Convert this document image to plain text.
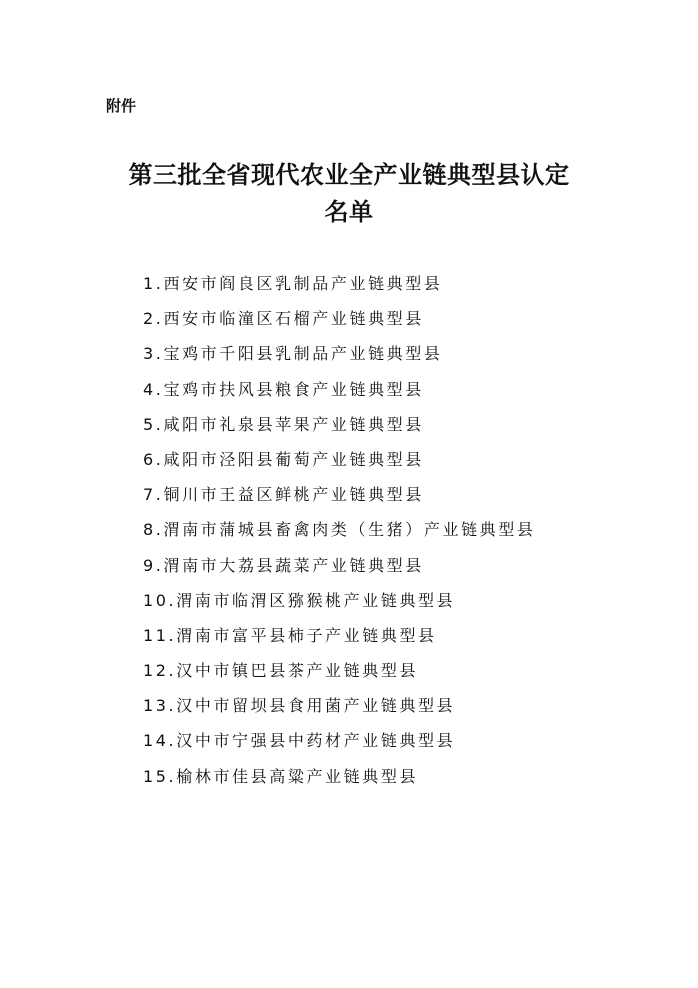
附件
第三批全省现代农业全产业链典型县认定
名单
1.西安市阎良区乳制品产业链典型县
2.西安市临潼区石榴产业链典型县
3.宝鸡市千阳县乳制品产业链典型县
4.宝鸡市扶风县粮食产业链典型县
5.咸阳市礼泉县苹果产业链典型县
6.咸阳市泾阳县葡萄产业链典型县
7.铜川市王益区鲜桃产业链典型县
8.渭南市蒲城县畜禽肉类（生猪）产业链典型县
9.渭南市大荔县蔬菜产业链典型县
10.渭南市临渭区猕猴桃产业链典型县
11.渭南市富平县柿子产业链典型县
12.汉中市镇巴县茶产业链典型县
13.汉中市留坝县食用菌产业链典型县
14.汉中市宁强县中药材产业链典型县
15.榆林市佳县高粱产业链典型县
